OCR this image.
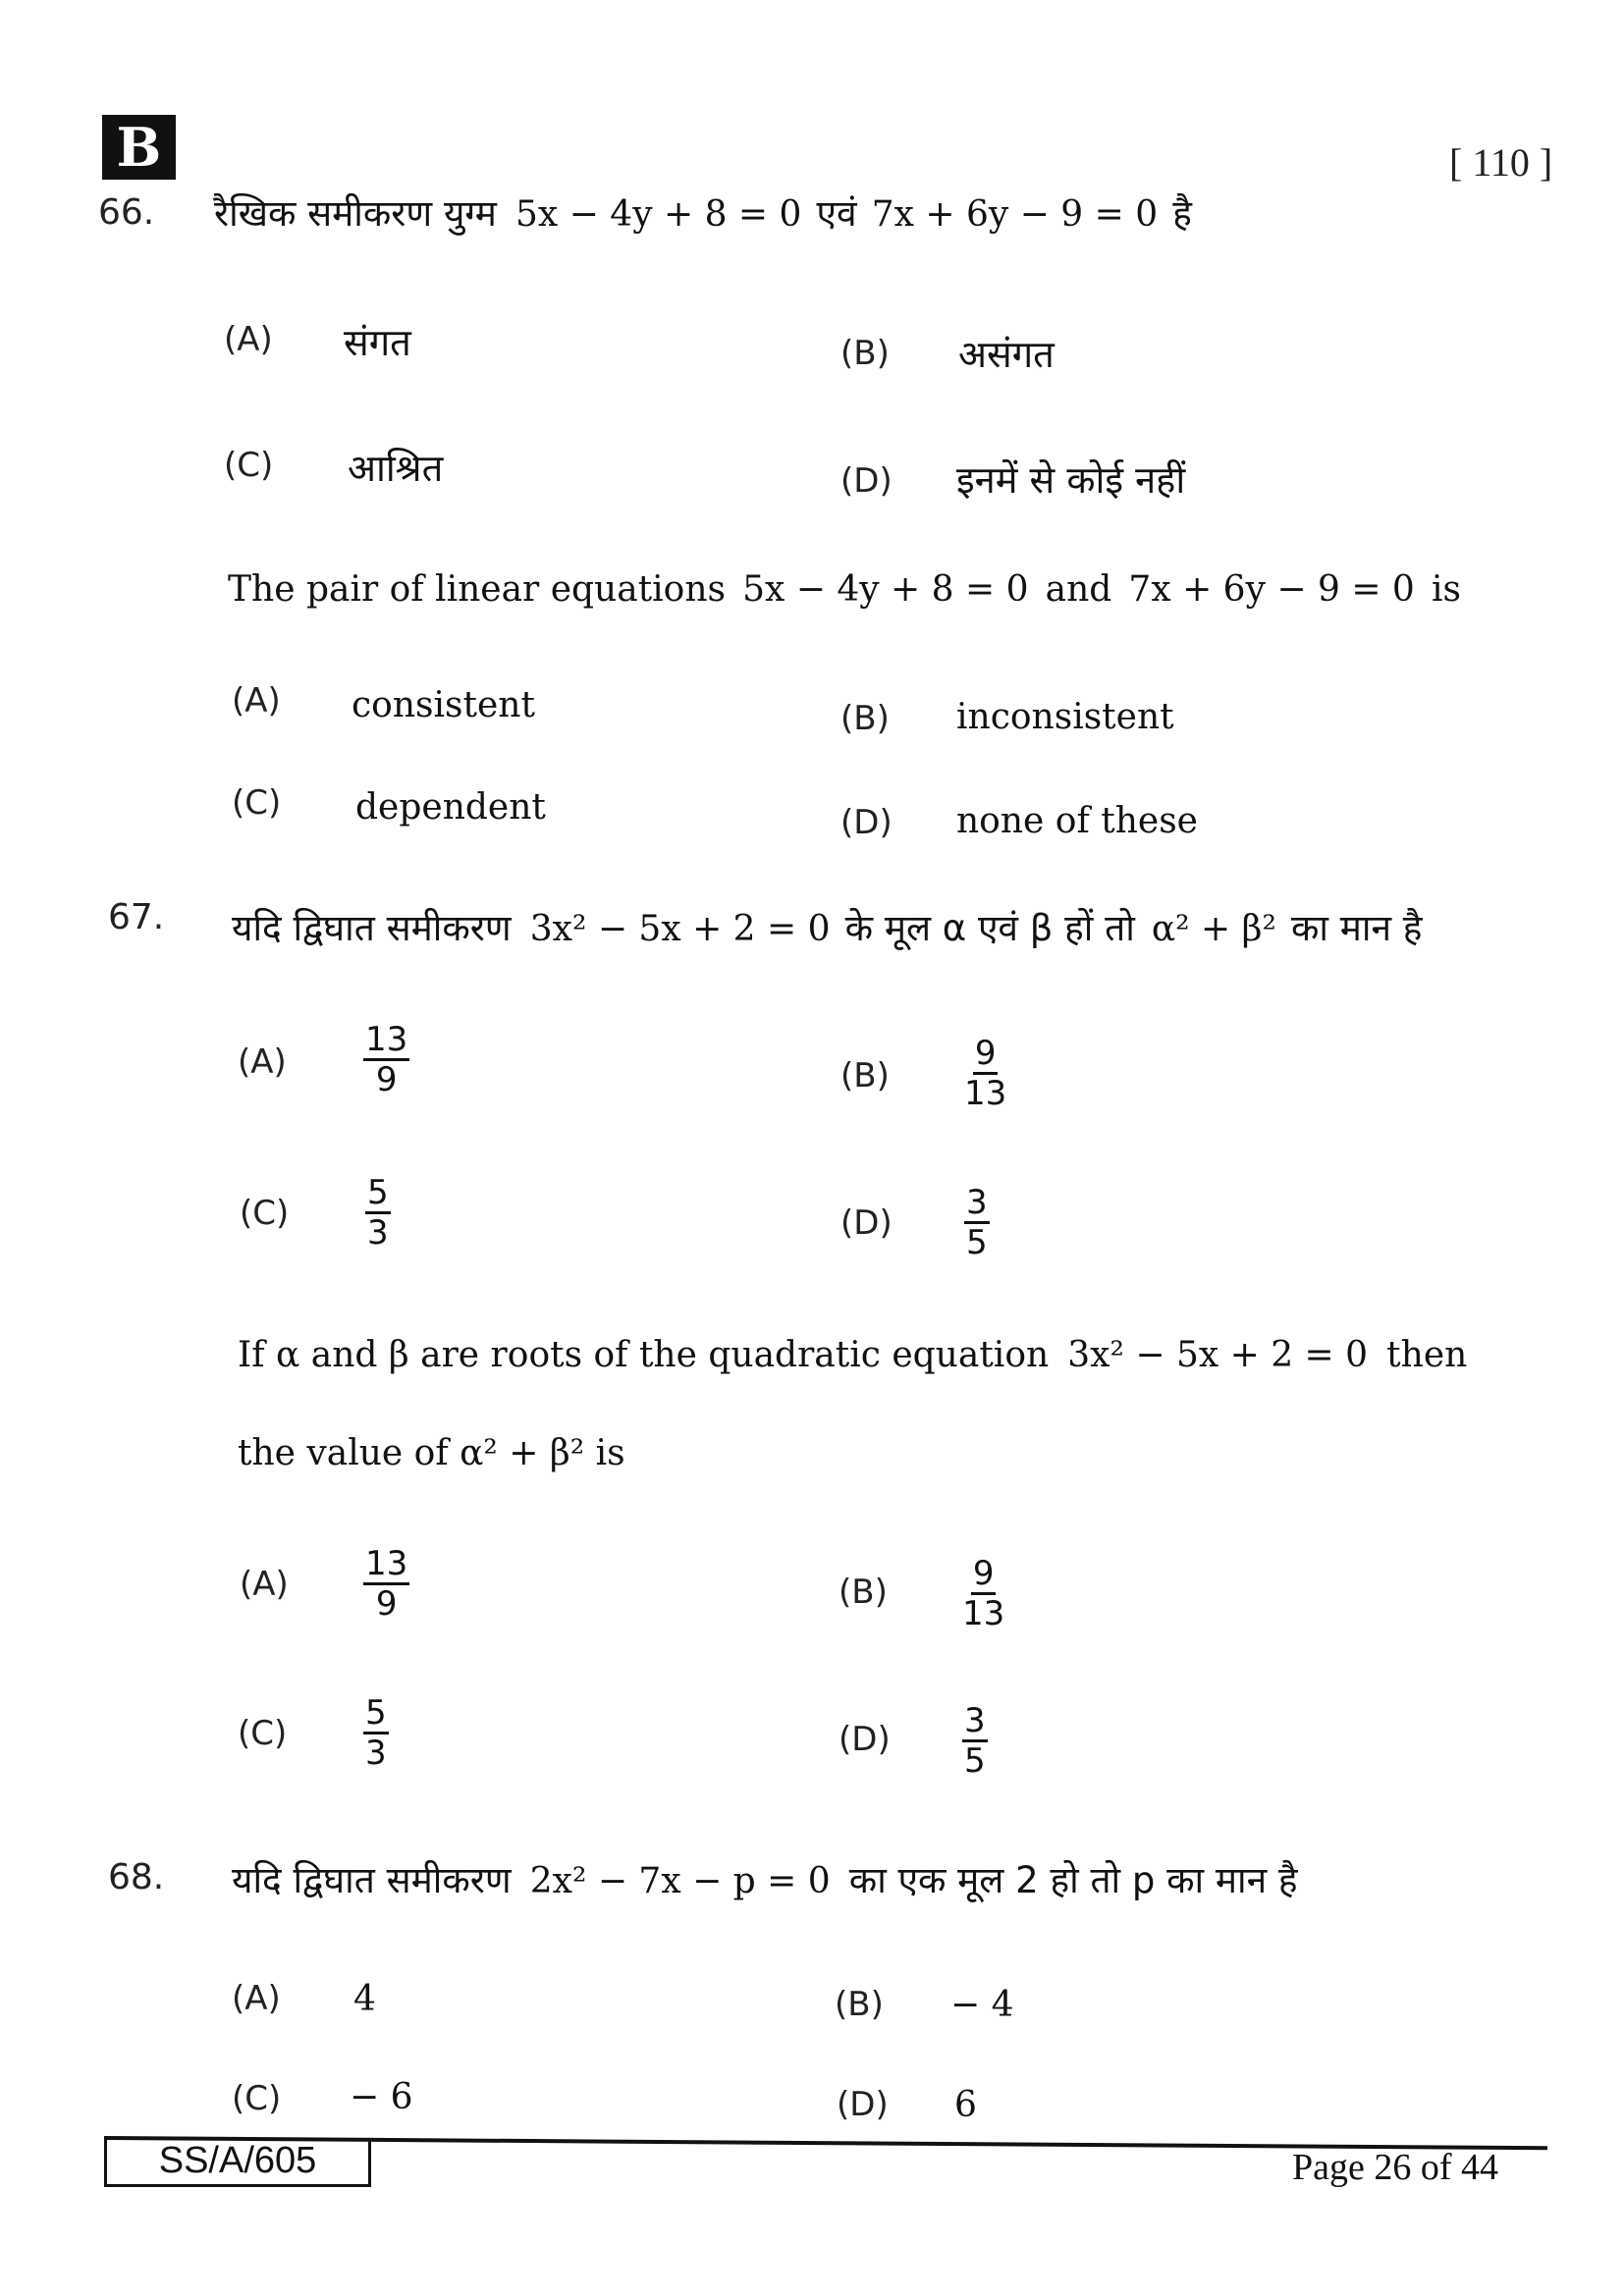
B	[ 110 ]
66. रैखिक समीकरण युग्म 5x − 4y + 8 = 0 एवं 7x + 6y − 9 = 0 है
(A) संगत	(B) असंगत
(C) आश्रित	(D) इनमें से कोई नहीं
The pair of linear equations 5x − 4y + 8 = 0 and 7x + 6y − 9 = 0 is
(A) consistent	(B) inconsistent
(C) dependent	(D) none of these
67. यदि द्विघात समीकरण 3x² − 5x + 2 = 0 के मूल α एवं β हों तो α² + β² का मान है
$(A) \frac{13}{9}$	$(B) \frac{9}{13}$
$(C) \frac{5}{3}$	$(D) \frac{3}{5}$
If α and β are roots of the quadratic equation 3x² − 5x + 2 = 0 then
the value of α² + β² is
$(A) \frac{13}{9}$	$(B) \frac{9}{13}$
$(C) \frac{5}{3}$	$(D) \frac{3}{5}$
68. यदि द्विघात समीकरण 2x² − 7x − p = 0 का एक मूल 2 हो तो p का मान है
(A) 4	(B) − 4
(C) − 6	(D) 6
SS/A/605	Page 26 of 44
